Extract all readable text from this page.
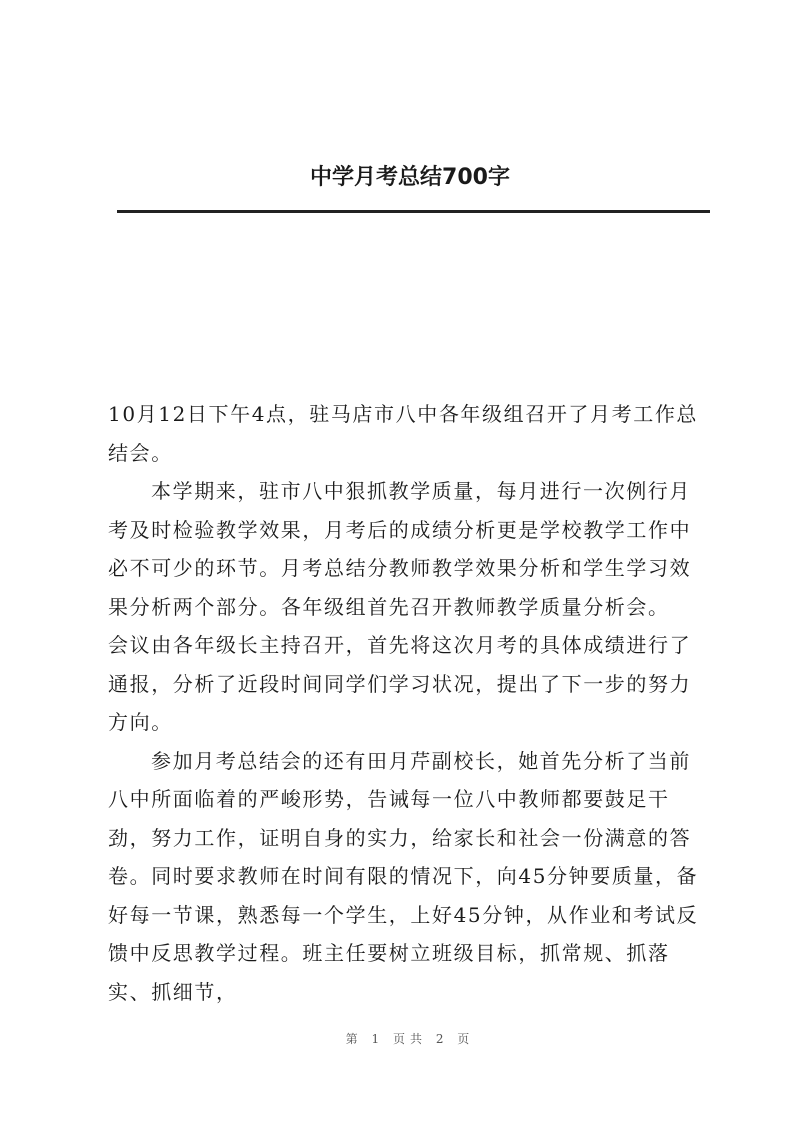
中学月考总结700字

10月12日下午4点，驻马店市八中各年级组召开了月考工作总结会。

本学期来，驻市八中狠抓教学质量，每月进行一次例行月考及时检验教学效果，月考后的成绩分析更是学校教学工作中必不可少的环节。月考总结分教师教学效果分析和学生学习效果分析两个部分。各年级组首先召开教师教学质量分析会。　　会议由各年级长主持召开，首先将这次月考的具体成绩进行了通报，分析了近段时间同学们学习状况，提出了下一步的努力方向。

参加月考总结会的还有田月芹副校长，她首先分析了当前八中所面临着的严峻形势，告诫每一位八中教师都要鼓足干劲，努力工作，证明自身的实力，给家长和社会一份满意的答卷。同时要求教师在时间有限的情况下，向45分钟要质量，备好每一节课，熟悉每一个学生，上好45分钟，从作业和考试反馈中反思教学过程。班主任要树立班级目标，抓常规、抓落实、抓细节，

第 1 页共 2 页
